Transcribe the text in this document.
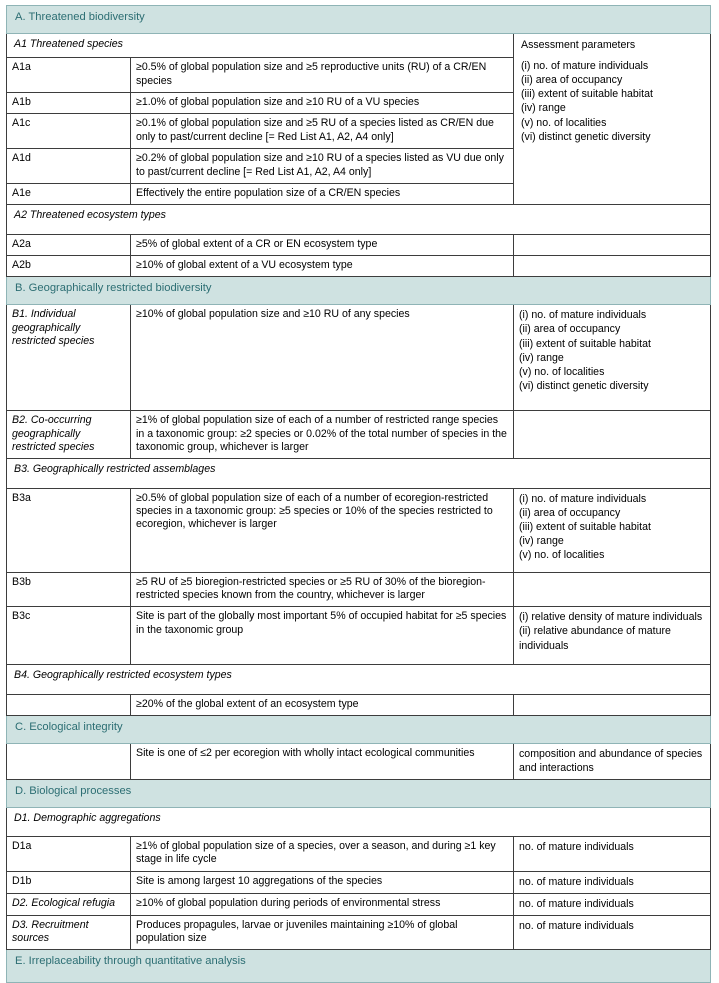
A. Threatened biodiversity		
A1 Threatened species	Assessment parameters
(i) no. of mature individuals
(ii) area of occupancy
(iii) extent of suitable habitat
(iv) range
(v) no. of localities
(vi) distinct genetic diversity

A1a	≥0.5% of global population size and ≥5 reproductive units (RU) of a CR/EN species	
A1b	≥1.0% of global population size and ≥10 RU of a VU species	
A1c	≥0.1% of global population size and ≥5 RU of a species listed as CR/EN due only to past/current decline [= Red List A1, A2, A4 only]	
A1d	≥0.2% of global population size and ≥10 RU of a species listed as VU due only to past/current decline [= Red List A1, A2, A4 only]	
A1e	Effectively the entire population size of a CR/EN species	
A2 Threatened ecosystem types		
A2a	≥5% of global extent of a CR or EN ecosystem type	
A2b	≥10% of global extent of a VU ecosystem type	
B. Geographically restricted biodiversity		
B1. Individual geographically restricted species	≥10% of global population size and ≥10 RU of any species	(i) no. of mature individuals
(ii) area of occupancy
(iii) extent of suitable habitat
(iv) range
(v) no. of localities
(vi) distinct genetic diversity

B2. Co-occurring geographically restricted species	≥1% of global population size of each of a number of restricted range species in a taxonomic group: ≥2 species or 0.02% of the total number of species in the taxonomic group, whichever is larger	
B3. Geographically restricted assemblages		
B3a	≥0.5% of global population size of each of a number of ecoregion-restricted species in a taxonomic group: ≥5 species or 10% of the species restricted to ecoregion, whichever is larger	(i) no. of mature individuals
(ii) area of occupancy
(iii) extent of suitable habitat
(iv) range
(v) no. of localities

B3b	≥5 RU of ≥5 bioregion-restricted species or ≥5 RU of 30% of the bioregion-restricted species known from the country, whichever is larger	
B3c	Site is part of the globally most important 5% of occupied habitat for ≥5 species in the taxonomic group	(i) relative density of mature individuals
(ii) relative abundance of mature individuals

B4. Geographically restricted ecosystem types		
	≥20% of the global extent of an ecosystem type	
C. Ecological integrity		
	Site is one of ≤2 per ecoregion with wholly intact ecological communities	composition and abundance of species and interactions
D. Biological processes		
D1. Demographic aggregations		
D1a	≥1% of global population size of a species, over a season, and during ≥1 key stage in life cycle	no. of mature individuals
D1b	Site is among largest 10 aggregations of the species	no. of mature individuals
D2. Ecological refugia	≥10% of global population during periods of environmental stress	no. of mature individuals
D3. Recruitment sources	Produces propagules, larvae or juveniles maintaining ≥10% of global population size	no. of mature individuals
E. Irreplaceability through quantitative analysis		
